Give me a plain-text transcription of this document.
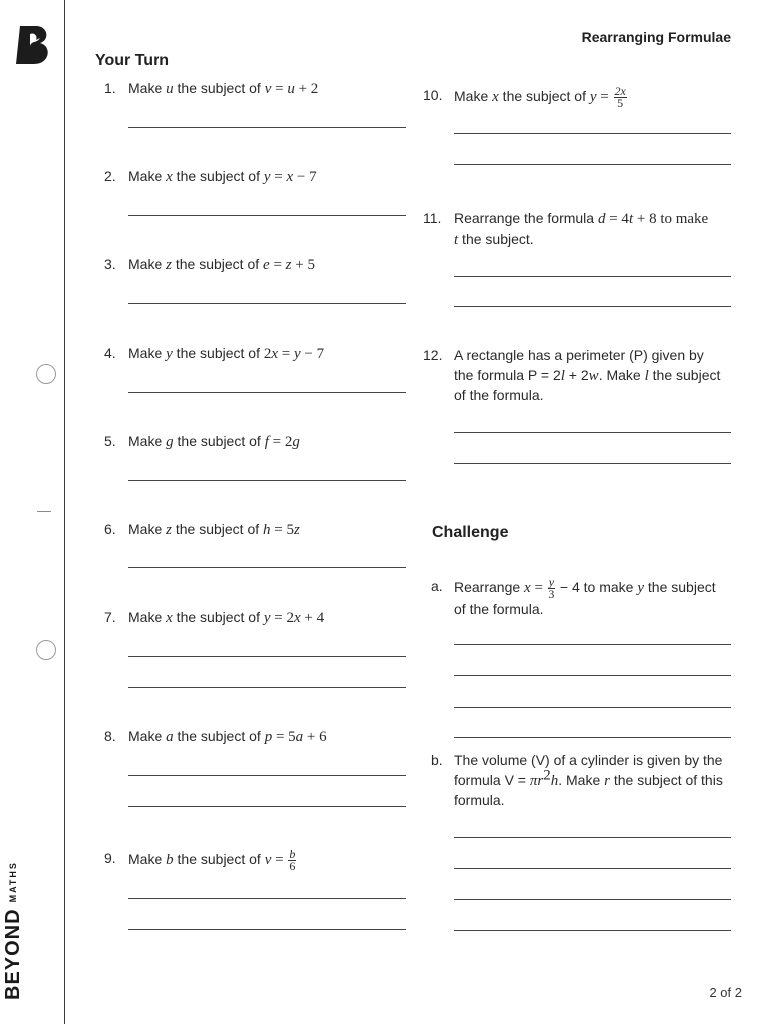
BEYONDMATHS
Rearranging Formulae
Your Turn
Challenge
1. Make u the subject of v = u + 2
2. Make x the subject of y = x − 7
3. Make z the subject of e = z + 5
4. Make y the subject of 2x = y − 7
5. Make g the subject of f = 2g
6. Make z the subject of h = 5z
7. Make x the subject of y = 2x + 4
8. Make a the subject of p = 5a + 6
9. Make b the subject of $v = \frac{b}{6}$
10. Make x the subject of $y = \frac{2x}{5}$
11. Rearrange the formula d = 4t + 8 to make
t the subject.
12. A rectangle has a perimeter (P) given by
the formula P = 2l + 2w. Make l the subject
of the formula.
a. Rearrange $x = \frac{y}{3} - 4$ to make y the subject
of the formula.
b. The volume (V) of a cylinder is given by the
formula $V = \pi r^2h$. Make r the subject of this
formula.
2 of 2
